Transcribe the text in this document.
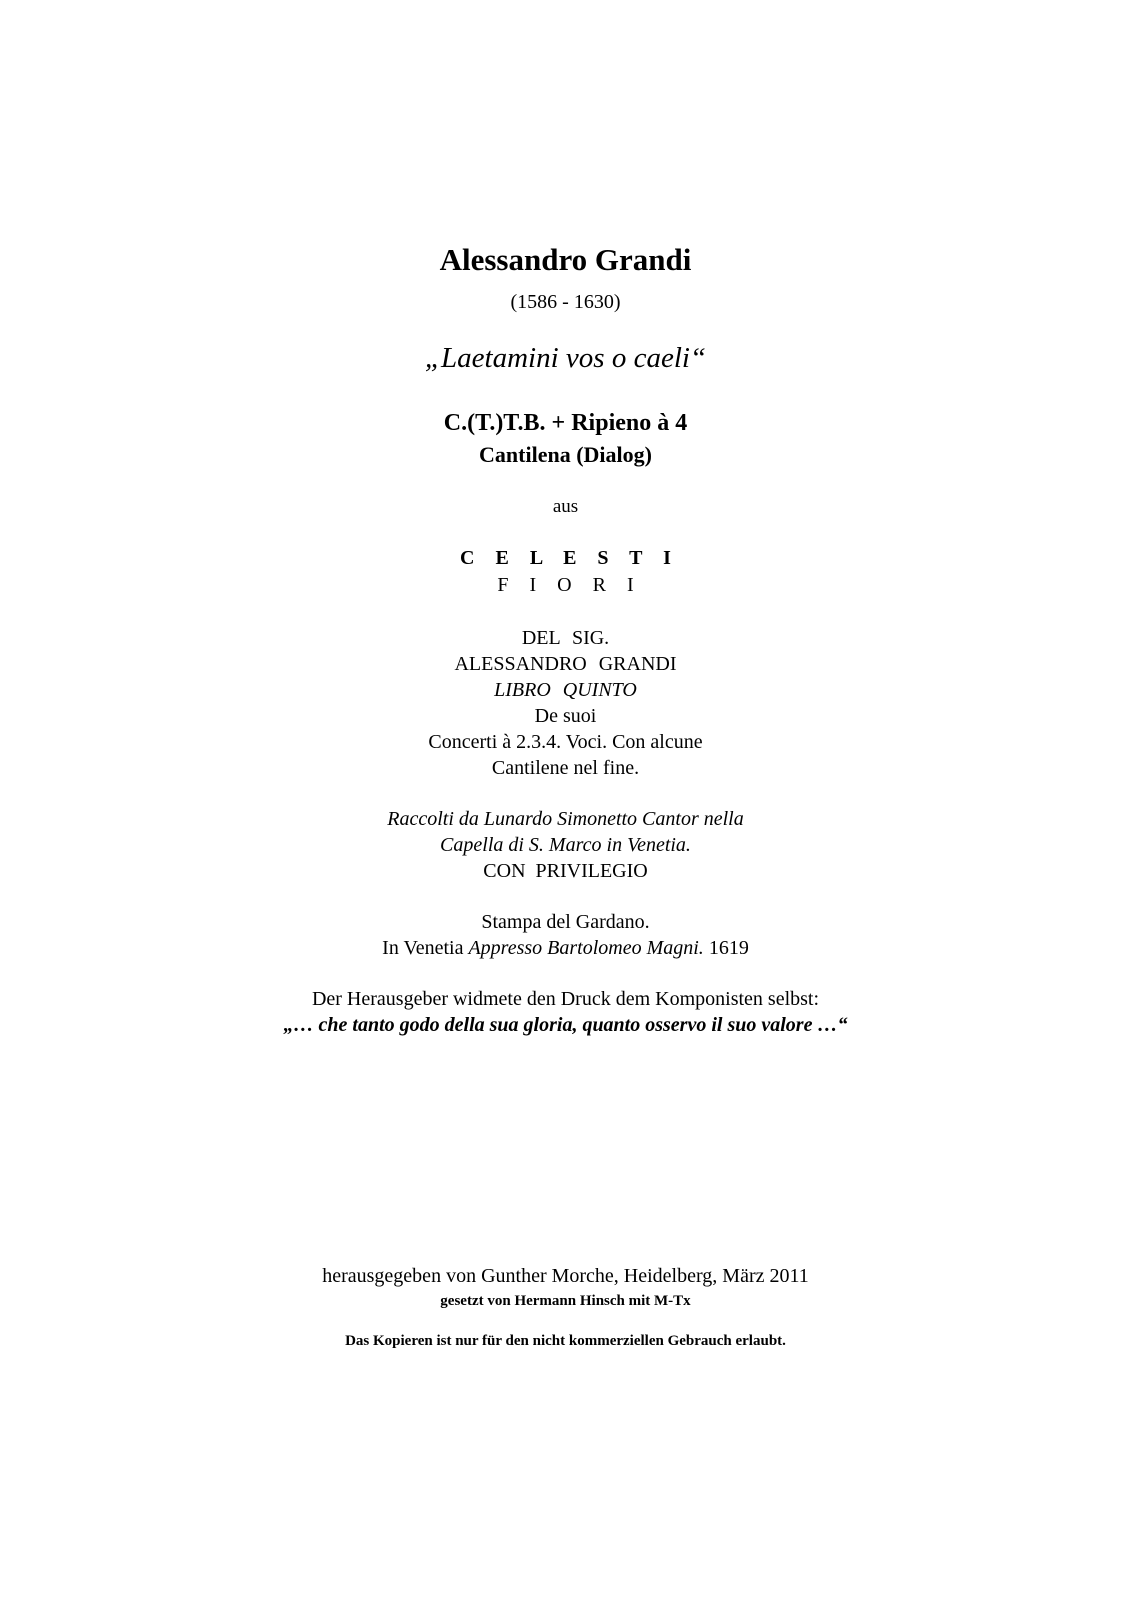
Alessandro Grandi

(1586 - 1630)

„Laetamini vos o caeli“

C.(T.)T.B. + Ripieno à 4

Cantilena (Dialog)

aus

C E L E S T I

F I O R I

DEL SIG.

ALESSANDRO GRANDI

LIBRO QUINTO

De suoi

Concerti à 2.3.4. Voci. Con alcune

Cantilene nel fine.

Raccolti da Lunardo Simonetto Cantor nella

Capella di S. Marco in Venetia.

CON PRIVILEGIO

Stampa del Gardano.

In Venetia Appresso Bartolomeo Magni. 1619

Der Herausgeber widmete den Druck dem Komponisten selbst:

„… che tanto godo della sua gloria, quanto osservo il suo valore …“

herausgegeben von Gunther Morche, Heidelberg, März 2011

gesetzt von Hermann Hinsch mit M-Tx

Das Kopieren ist nur für den nicht kommerziellen Gebrauch erlaubt.
